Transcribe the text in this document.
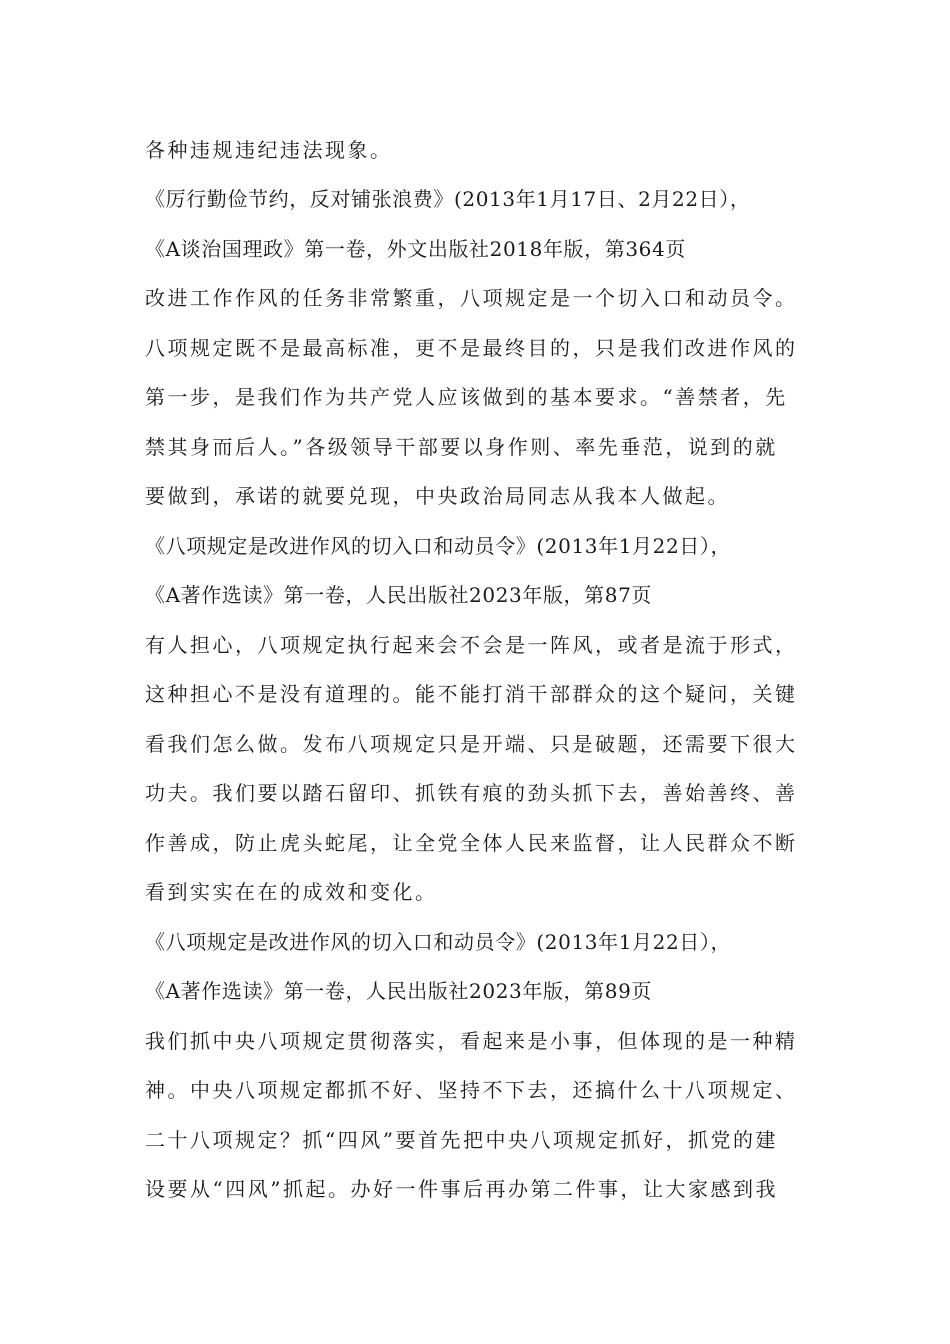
各种违规违纪违法现象。
《厉行勤俭节约，反对铺张浪费》(2013年1月17日、2月22日），
《A谈治国理政》第一卷，外文出版社2018年版，第364页
改进工作作风的任务非常繁重，八项规定是一个切入口和动员令。
八项规定既不是最高标准，更不是最终目的，只是我们改进作风的
第一步，是我们作为共产党人应该做到的基本要求。“善禁者，先
禁其身而后人。”各级领导干部要以身作则、率先垂范，说到的就
要做到，承诺的就要兑现，中央政治局同志从我本人做起。
《八项规定是改进作风的切入口和动员令》(2013年1月22日），
《A著作选读》第一卷，人民出版社2023年版，第87页
有人担心，八项规定执行起来会不会是一阵风，或者是流于形式，
这种担心不是没有道理的。能不能打消干部群众的这个疑问，关键
看我们怎么做。发布八项规定只是开端、只是破题，还需要下很大
功夫。我们要以踏石留印、抓铁有痕的劲头抓下去，善始善终、善
作善成，防止虎头蛇尾，让全党全体人民来监督，让人民群众不断
看到实实在在的成效和变化。
《八项规定是改进作风的切入口和动员令》(2013年1月22日），
《A著作选读》第一卷，人民出版社2023年版，第89页
我们抓中央八项规定贯彻落实，看起来是小事，但体现的是一种精
神。中央八项规定都抓不好、坚持不下去，还搞什么十八项规定、
二十八项规定？抓“四风”要首先把中央八项规定抓好，抓党的建
设要从“四风”抓起。办好一件事后再办第二件事，让大家感到我
